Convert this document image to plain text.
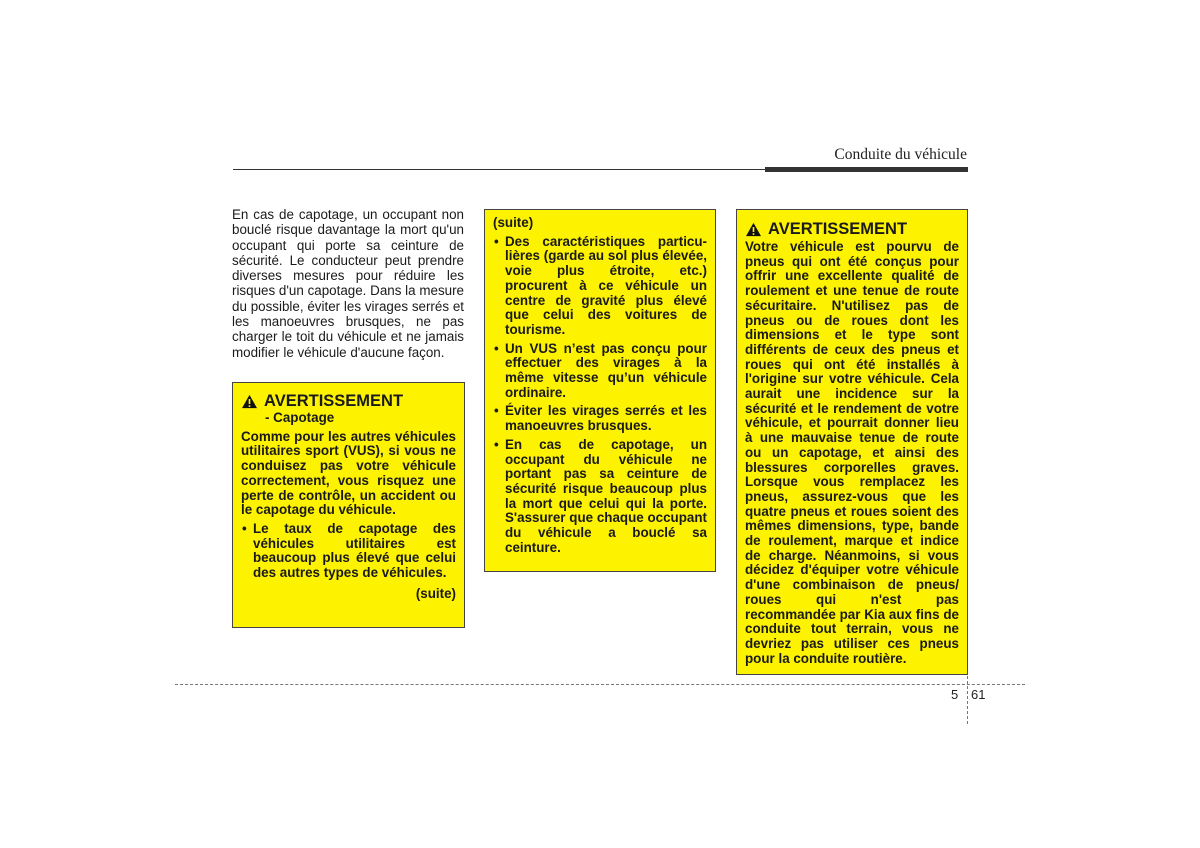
Conduite du véhicule
En cas de capotage, un occupant non bouclé risque davantage la mort qu'un occupant qui porte sa ceinture de sécurité. Le conducteur peut prendre diverses mesures pour réduire les risques d'un capotage. Dans la mesure du possible, éviter les virages serrés et les manoeuvres brusques, ne pas charger le toit du véhicule et ne jamais modifier le véhicule d'aucune façon.
AVERTISSEMENT
- Capotage
Comme pour les autres véhicules utilitaires sport (VUS), si vous ne conduisez pas votre véhicule correctement, vous risquez une perte de contrôle, un accident ou le capotage du véhicule.
• Le taux de capotage des véhicules utilitaires est beaucoup plus élevé que celui des autres types de véhicules.
(suite)
(suite)
• Des caractéristiques particu-lières (garde au sol plus élevée, voie plus étroite, etc.) procurent à ce véhicule un centre de gravité plus élevé que celui des voitures de tourisme.
• Un VUS n’est pas conçu pour effectuer des virages à la même vitesse qu’un véhicule ordinaire.
• Éviter les virages serrés et les manoeuvres brusques.
• En cas de capotage, un occupant du véhicule ne portant pas sa ceinture de sécurité risque beaucoup plus la mort que celui qui la porte. S'assurer que chaque occupant du véhicule a bouclé sa ceinture.
AVERTISSEMENT
Votre véhicule est pourvu de pneus qui ont été conçus pour offrir une excellente qualité de roulement et une tenue de route sécuritaire. N'utilisez pas de pneus ou de roues dont les dimensions et le type sont différents de ceux des pneus et roues qui ont été installés à l'origine sur votre véhicule. Cela aurait une incidence sur la sécurité et le rendement de votre véhicule, et pourrait donner lieu à une mauvaise tenue de route ou un capotage, et ainsi des blessures corporelles graves. Lorsque vous remplacez les pneus, assurez-vous que les quatre pneus et roues soient des mêmes dimensions, type, bande de roulement, marque et indice de charge. Néanmoins, si vous décidez d'équiper votre véhicule d'une combinaison de pneus/ roues qui n'est pas recommandée par Kia aux fins de conduite tout terrain, vous ne devriez pas utiliser ces pneus pour la conduite routière.
5 61
